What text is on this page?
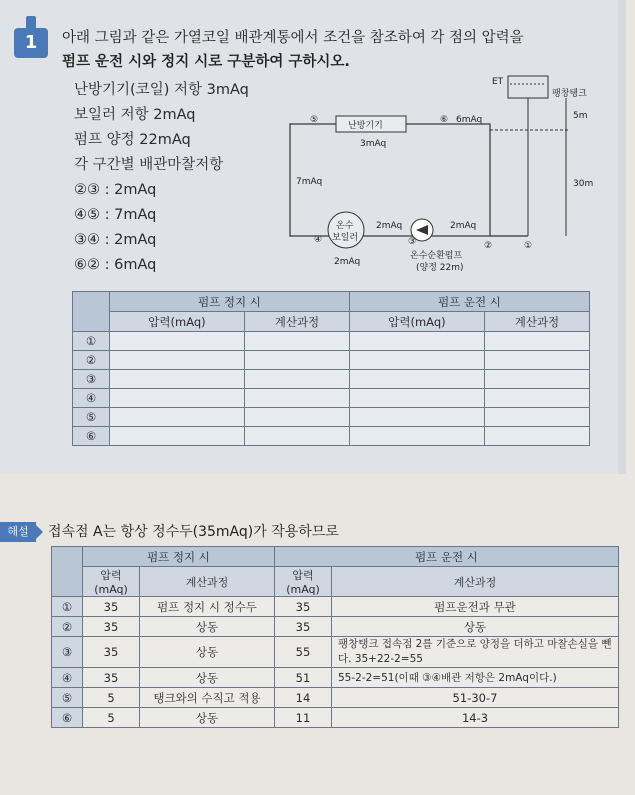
1	아래 그림과 같은 가열코일 배관계통에서 조건을 참조하여 각 점의 압력을
펌프 운전 시와 정지 시로 구분하여 구하시오.
난방기기(코일) 저항 3mAq
보일러 저항 2mAq
펌프 양정 22mAq
각 구간별 배관마찰저항
②③ : 2mAq
④⑤ : 7mAq
③④ : 2mAq
⑥② : 6mAq
ET
팽창탱크
난방기기
3mAq
⑤	⑥ 6mAq	5m
30m
7mAq
온수
보일러
2mAq
④
2mAq
③
온수순환펌프
(양정 22m)
2mAq
②	①
	펌프 정지 시		펌프 운전 시	
	압력(mAq)	계산과정	압력(mAq)	계산과정
①				
②				
③				
④				
⑤				
⑥				
해설	접속점 A는 항상 정수두(35mAq)가 작용하므로
	펌프 정지 시		펌프 운전 시	
	압력
(mAq)	계산과정	압력
(mAq)	계산과정
①	35	펌프 정지 시 정수두	35	펌프운전과 무관
②	35	상동	35	상동
③	35	상동	55	팽창탱크 접속점 2를 기준으로 양정을 더하고 마찰손실을 뺀다. 35+22-2=55
④	35	상동	51	55-2-2=51(이때 ③④배관 저항은 2mAq이다.)
⑤	5	탱크와의 수직고 적용	14	51-30-7
⑥	5	상동	11	14-3
